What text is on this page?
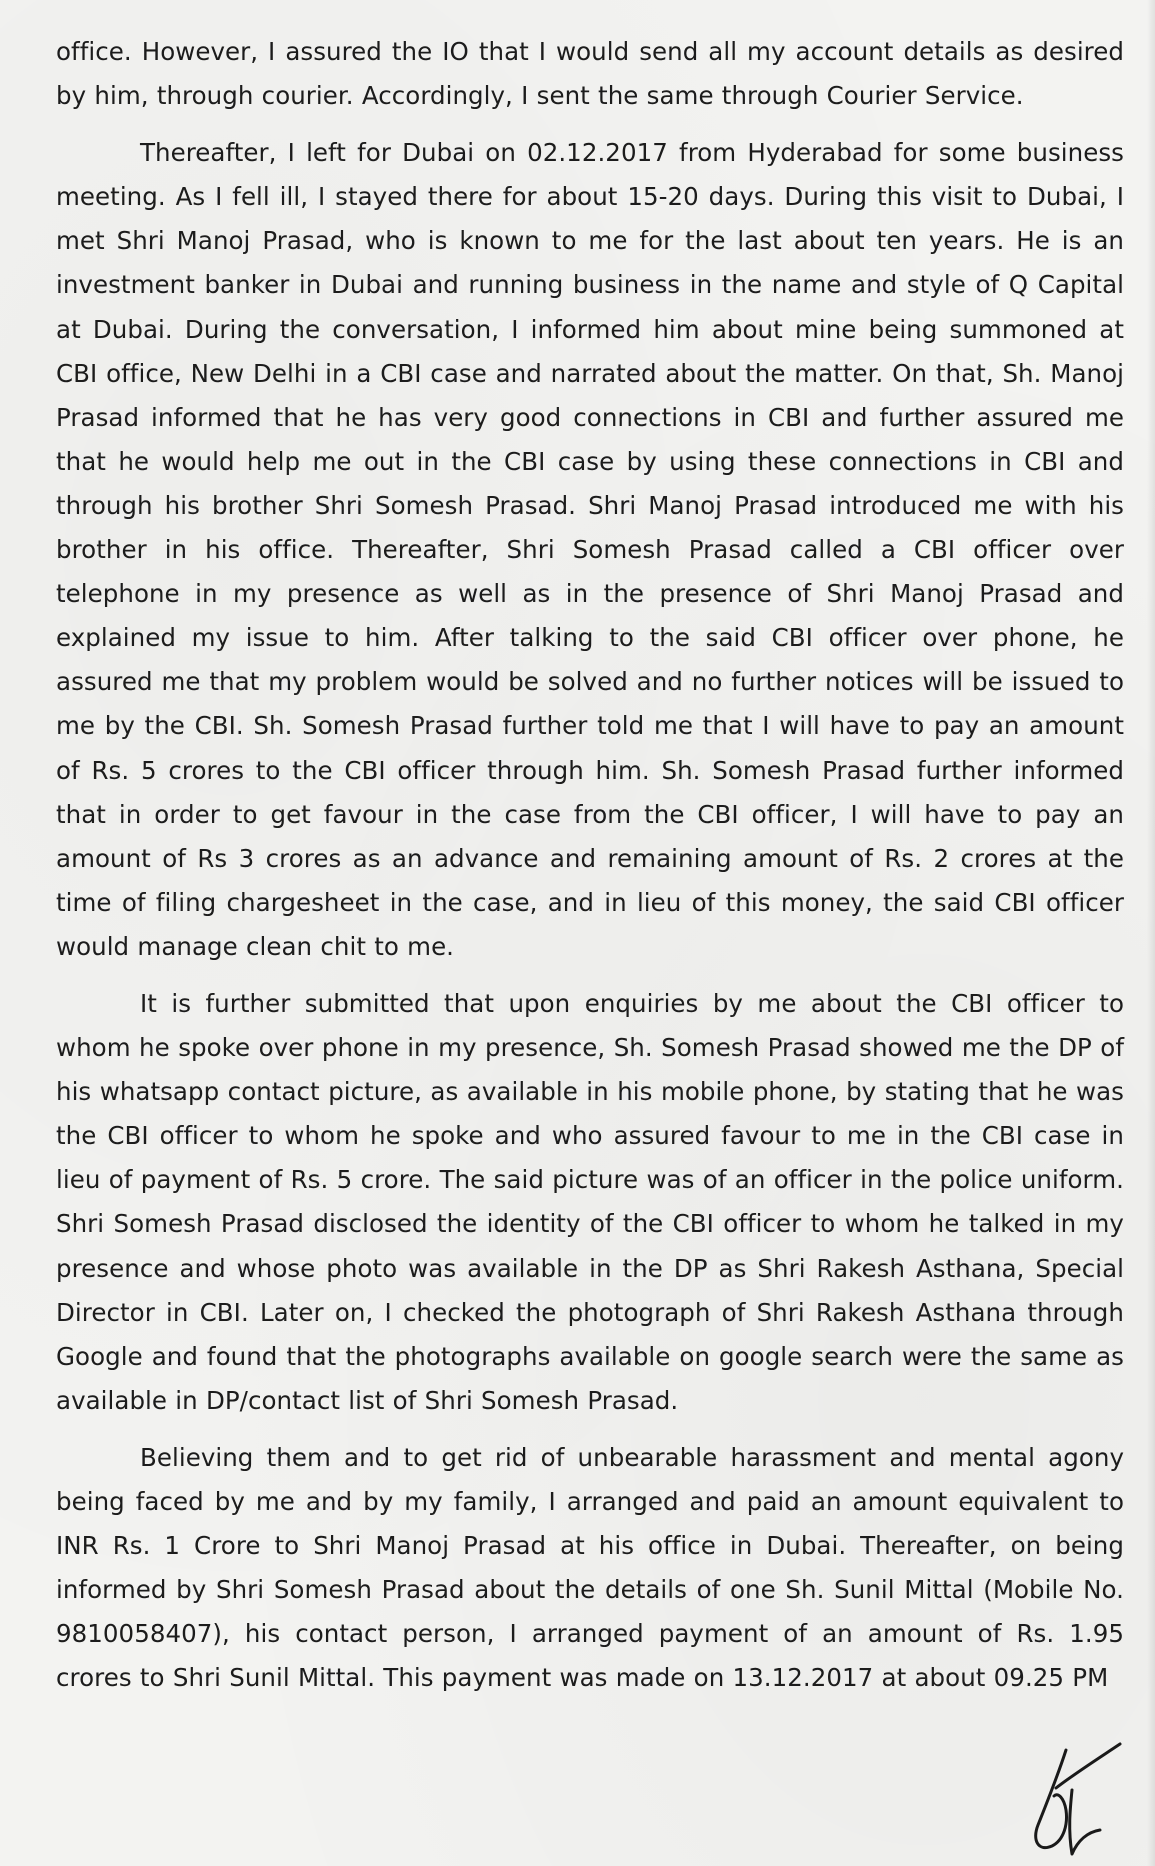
office. However, I assured the IO that I would send all my account details as desired by him, through courier. Accordingly, I sent the same through Courier Service.

Thereafter, I left for Dubai on 02.12.2017 from Hyderabad for some business meeting. As I fell ill, I stayed there for about 15-20 days. During this visit to Dubai, I met Shri Manoj Prasad, who is known to me for the last about ten years. He is an investment banker in Dubai and running business in the name and style of Q Capital at Dubai. During the conversation, I informed him about mine being summoned at CBI office, New Delhi in a CBI case and narrated about the matter. On that, Sh. Manoj Prasad informed that he has very good connections in CBI and further assured me that he would help me out in the CBI case by using these connections in CBI and through his brother Shri Somesh Prasad. Shri Manoj Prasad introduced me with his brother in his office. Thereafter, Shri Somesh Prasad called a CBI officer over telephone in my presence as well as in the presence of Shri Manoj Prasad and explained my issue to him. After talking to the said CBI officer over phone, he assured me that my problem would be solved and no further notices will be issued to me by the CBI. Sh. Somesh Prasad further told me that I will have to pay an amount of Rs. 5 crores to the CBI officer through him. Sh. Somesh Prasad further informed that in order to get favour in the case from the CBI officer, I will have to pay an amount of Rs 3 crores as an advance and remaining amount of Rs. 2 crores at the time of filing chargesheet in the case, and in lieu of this money, the said CBI officer would manage clean chit to me.

It is further submitted that upon enquiries by me about the CBI officer to whom he spoke over phone in my presence, Sh. Somesh Prasad showed me the DP of his whatsapp contact picture, as available in his mobile phone, by stating that he was the CBI officer to whom he spoke and who assured favour to me in the CBI case in lieu of payment of Rs. 5 crore. The said picture was of an officer in the police uniform. Shri Somesh Prasad disclosed the identity of the CBI officer to whom he talked in my presence and whose photo was available in the DP as Shri Rakesh Asthana, Special Director in CBI. Later on, I checked the photograph of Shri Rakesh Asthana through Google and found that the photographs available on google search were the same as available in DP/contact list of Shri Somesh Prasad.

Believing them and to get rid of unbearable harassment and mental agony being faced by me and by my family, I arranged and paid an amount equivalent to INR Rs. 1 Crore to Shri Manoj Prasad at his office in Dubai. Thereafter, on being informed by Shri Somesh Prasad about the details of one Sh. Sunil Mittal (Mobile No. 9810058407), his contact person, I arranged payment of an amount of Rs. 1.95 crores to Shri Sunil Mittal. This payment was made on 13.12.2017 at about 09.25 PM
